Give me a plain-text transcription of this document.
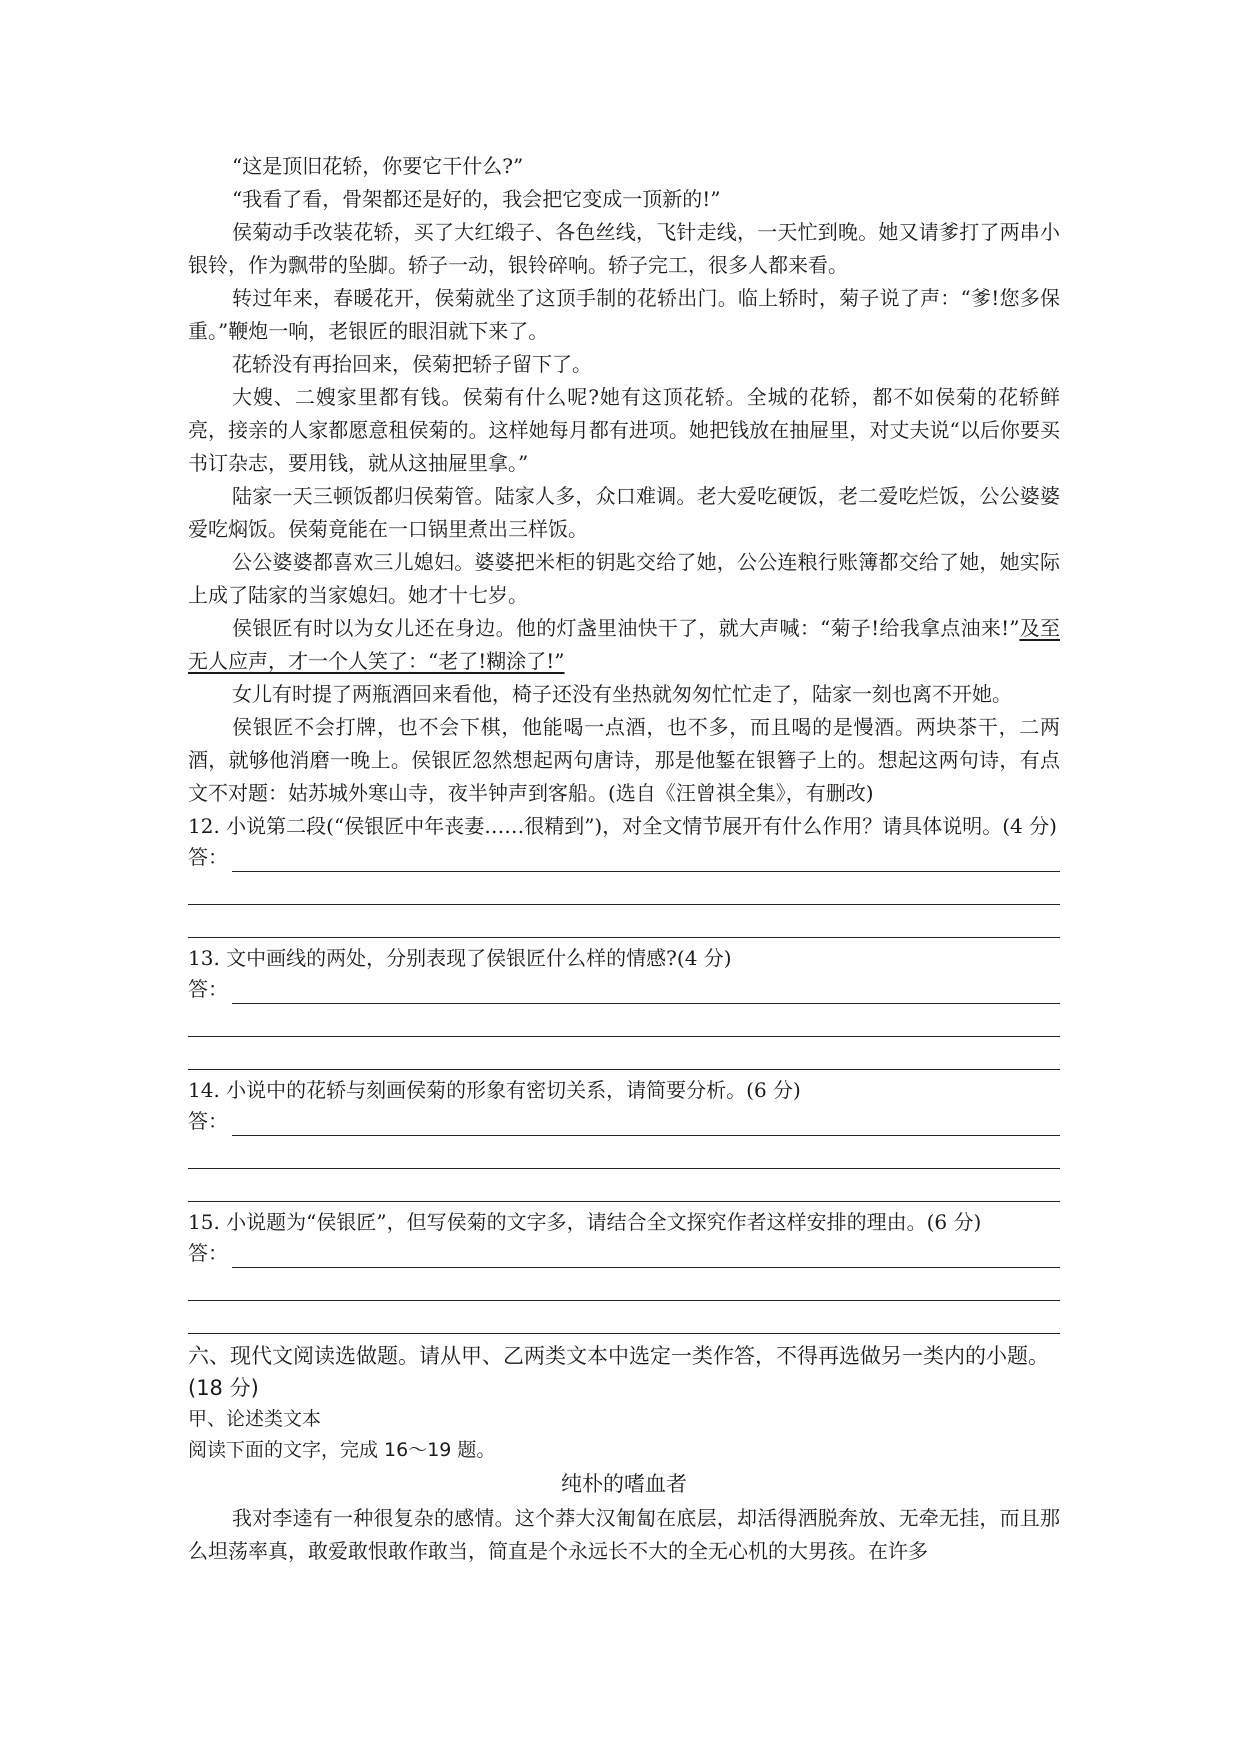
“这是顶旧花轿，你要它干什么?”

“我看了看，骨架都还是好的，我会把它变成一顶新的!”

侯菊动手改装花轿，买了大红缎子、各色丝线，飞针走线，一天忙到晚。她又请爹打了两串小银铃，作为飘带的坠脚。轿子一动，银铃碎响。轿子完工，很多人都来看。

转过年来，春暖花开，侯菊就坐了这顶手制的花轿出门。临上轿时，菊子说了声：“爹!您多保重。”鞭炮一响，老银匠的眼泪就下来了。

花轿没有再抬回来，侯菊把轿子留下了。

大嫂、二嫂家里都有钱。侯菊有什么呢?她有这顶花轿。全城的花轿，都不如侯菊的花轿鲜亮，接亲的人家都愿意租侯菊的。这样她每月都有进项。她把钱放在抽屉里，对丈夫说“以后你要买书订杂志，要用钱，就从这抽屉里拿。”

陆家一天三顿饭都归侯菊管。陆家人多，众口难调。老大爱吃硬饭，老二爱吃烂饭，公公婆婆爱吃焖饭。侯菊竟能在一口锅里煮出三样饭。

公公婆婆都喜欢三儿媳妇。婆婆把米柜的钥匙交给了她，公公连粮行账簿都交给了她，她实际上成了陆家的当家媳妇。她才十七岁。

侯银匠有时以为女儿还在身边。他的灯盏里油快干了，就大声喊：“菊子!给我拿点油来!”及至无人应声，才一个人笑了：“老了!糊涂了!”

女儿有时提了两瓶酒回来看他，椅子还没有坐热就匆匆忙忙走了，陆家一刻也离不开她。

侯银匠不会打牌，也不会下棋，他能喝一点酒，也不多，而且喝的是慢酒。两块茶干，二两酒，就够他消磨一晚上。侯银匠忽然想起两句唐诗，那是他錾在银簪子上的。想起这两句诗，有点文不对题：姑苏城外寒山寺，夜半钟声到客船。(选自《汪曾祺全集》，有删改)

12. 小说第二段(“侯银匠中年丧妻……很精到”)，对全文情节展开有什么作用？请具体说明。(4 分)
答：
13. 文中画线的两处，分别表现了侯银匠什么样的情感?(4 分)
答：
14. 小说中的花轿与刻画侯菊的形象有密切关系，请简要分析。(6 分)
答：
15. 小说题为“侯银匠”，但写侯菊的文字多，请结合全文探究作者这样安排的理由。(6 分)
答：
六、现代文阅读选做题。请从甲、乙两类文本中选定一类作答，不得再选做另一类内的小题。(18 分)
甲、论述类文本
阅读下面的文字，完成 16～19 题。
纯朴的嗜血者

我对李逵有一种很复杂的感情。这个莽大汉匍匐在底层，却活得洒脱奔放、无牵无挂，而且那么坦荡率真，敢爱敢恨敢作敢当，简直是个永远长不大的全无心机的大男孩。在许多
